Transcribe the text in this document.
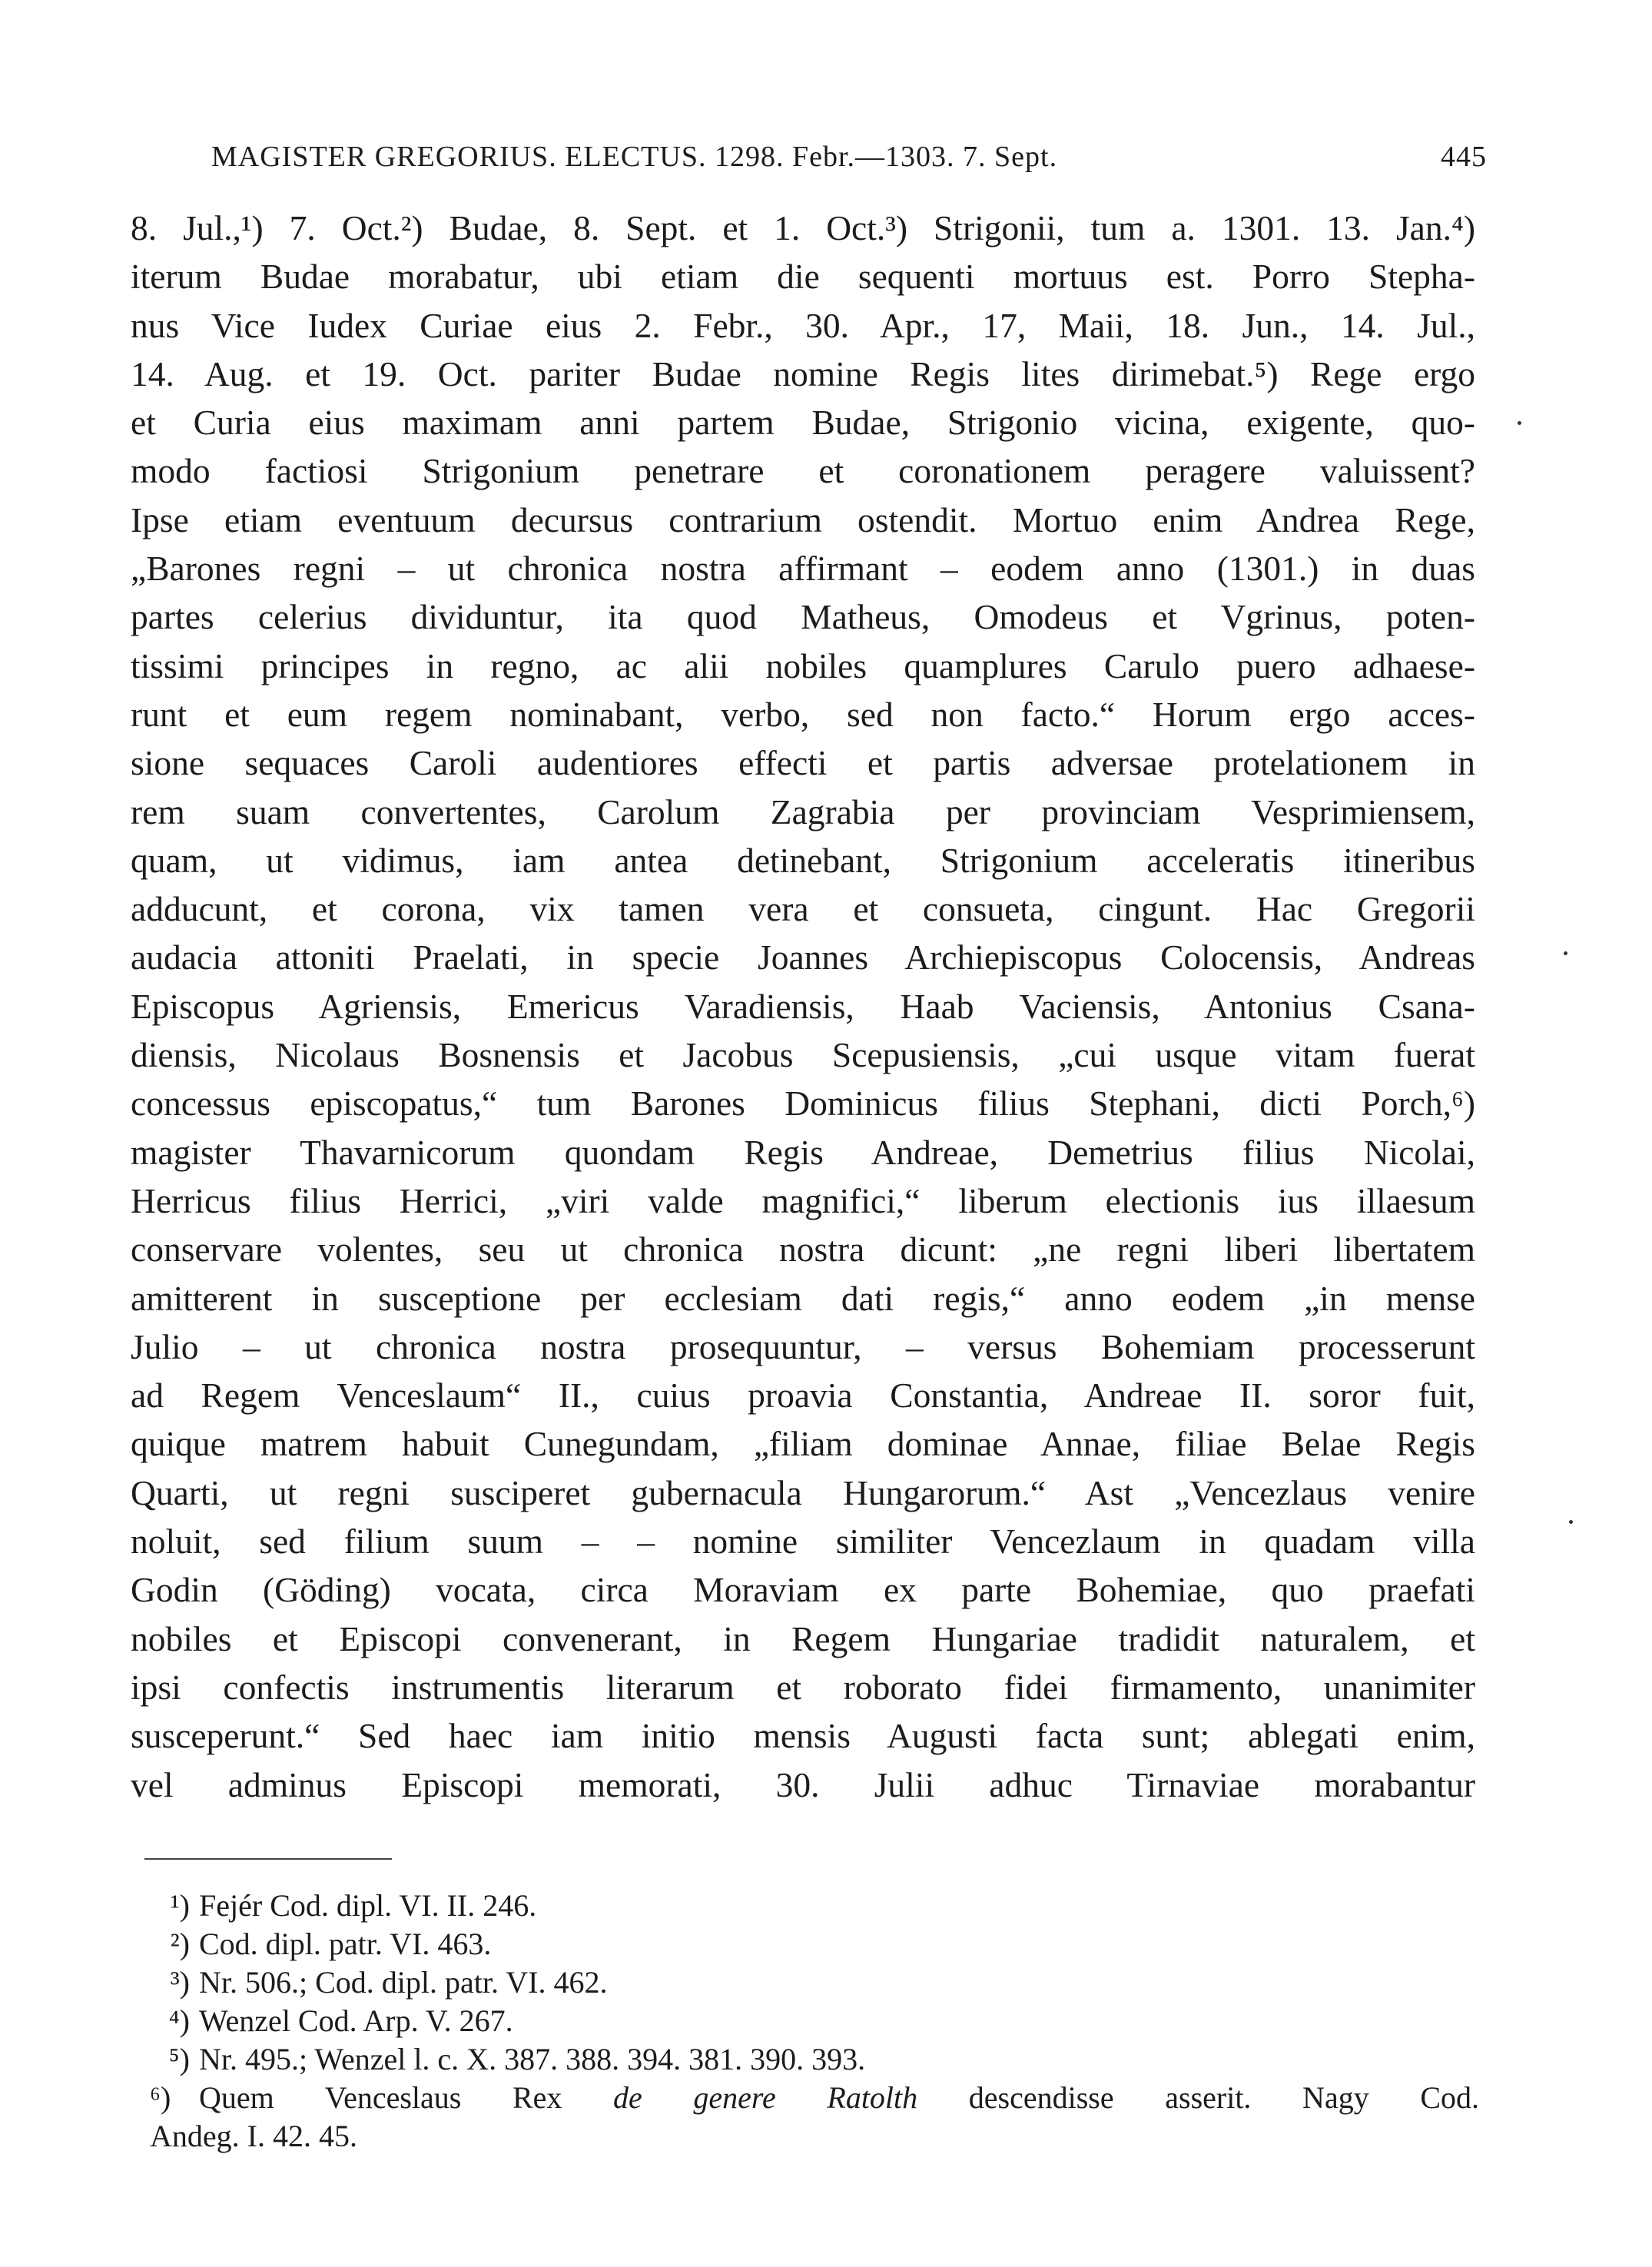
MAGISTER GREGORIUS. ELECTUS. 1298. Febr.—1303. 7. Sept.	445
8. Jul.,¹) 7. Oct.²) Budae, 8. Sept. et 1. Oct.³) Strigonii, tum a. 1301. 13. Jan.⁴)
iterum Budae morabatur, ubi etiam die sequenti mortuus est. Porro Stepha-
nus Vice Iudex Curiae eius 2. Febr., 30. Apr., 17, Maii, 18. Jun., 14. Jul.,
14. Aug. et 19. Oct. pariter Budae nomine Regis lites dirimebat.⁵) Rege ergo
et Curia eius maximam anni partem Budae, Strigonio vicina, exigente, quo-
modo factiosi Strigonium penetrare et coronationem peragere valuissent?
Ipse etiam eventuum decursus contrarium ostendit. Mortuo enim Andrea Rege,
„Barones regni – ut chronica nostra affirmant – eodem anno (1301.) in duas
partes celerius dividuntur, ita quod Matheus, Omodeus et Vgrinus, poten-
tissimi principes in regno, ac alii nobiles quamplures Carulo puero adhaese-
runt et eum regem nominabant, verbo, sed non facto.“ Horum ergo acces-
sione sequaces Caroli audentiores effecti et partis adversae protelationem in
rem suam convertentes, Carolum Zagrabia per provinciam Vesprimiensem,
quam, ut vidimus, iam antea detinebant, Strigonium acceleratis itineribus
adducunt, et corona, vix tamen vera et consueta, cingunt. Hac Gregorii
audacia attoniti Praelati, in specie Joannes Archiepiscopus Colocensis, Andreas
Episcopus Agriensis, Emericus Varadiensis, Haab Vaciensis, Antonius Csana-
diensis, Nicolaus Bosnensis et Jacobus Scepusiensis, „cui usque vitam fuerat
concessus episcopatus,“ tum Barones Dominicus filius Stephani, dicti Porch,⁶)
magister Thavarnicorum quondam Regis Andreae, Demetrius filius Nicolai,
Herricus filius Herrici, „viri valde magnifici,“ liberum electionis ius illaesum
conservare volentes, seu ut chronica nostra dicunt: „ne regni liberi libertatem
amitterent in susceptione per ecclesiam dati regis,“ anno eodem „in mense
Julio – ut chronica nostra prosequuntur, – versus Bohemiam processerunt
ad Regem Venceslaum“ II., cuius proavia Constantia, Andreae II. soror fuit,
quique matrem habuit Cunegundam, „filiam dominae Annae, filiae Belae Regis
Quarti, ut regni susciperet gubernacula Hungarorum.“ Ast „Vencezlaus venire
noluit, sed filium suum – – nomine similiter Vencezlaum in quadam villa
Godin (Göding) vocata, circa Moraviam ex parte Bohemiae, quo praefati
nobiles et Episcopi convenerant, in Regem Hungariae tradidit naturalem, et
ipsi confectis instrumentis literarum et roborato fidei firmamento, unanimiter
susceperunt.“ Sed haec iam initio mensis Augusti facta sunt; ablegati enim,
vel adminus Episcopi memorati, 30. Julii adhuc Tirnaviae morabantur
¹) Fejér Cod. dipl. VI. II. 246.
²) Cod. dipl. patr. VI. 463.
³) Nr. 506.; Cod. dipl. patr. VI. 462.
⁴) Wenzel Cod. Arp. V. 267.
⁵) Nr. 495.; Wenzel l. c. X. 387. 388. 394. 381. 390. 393.
⁶) Quem Venceslaus Rex de genere Ratolth descendisse asserit. Nagy Cod.
Andeg. I. 42. 45.
